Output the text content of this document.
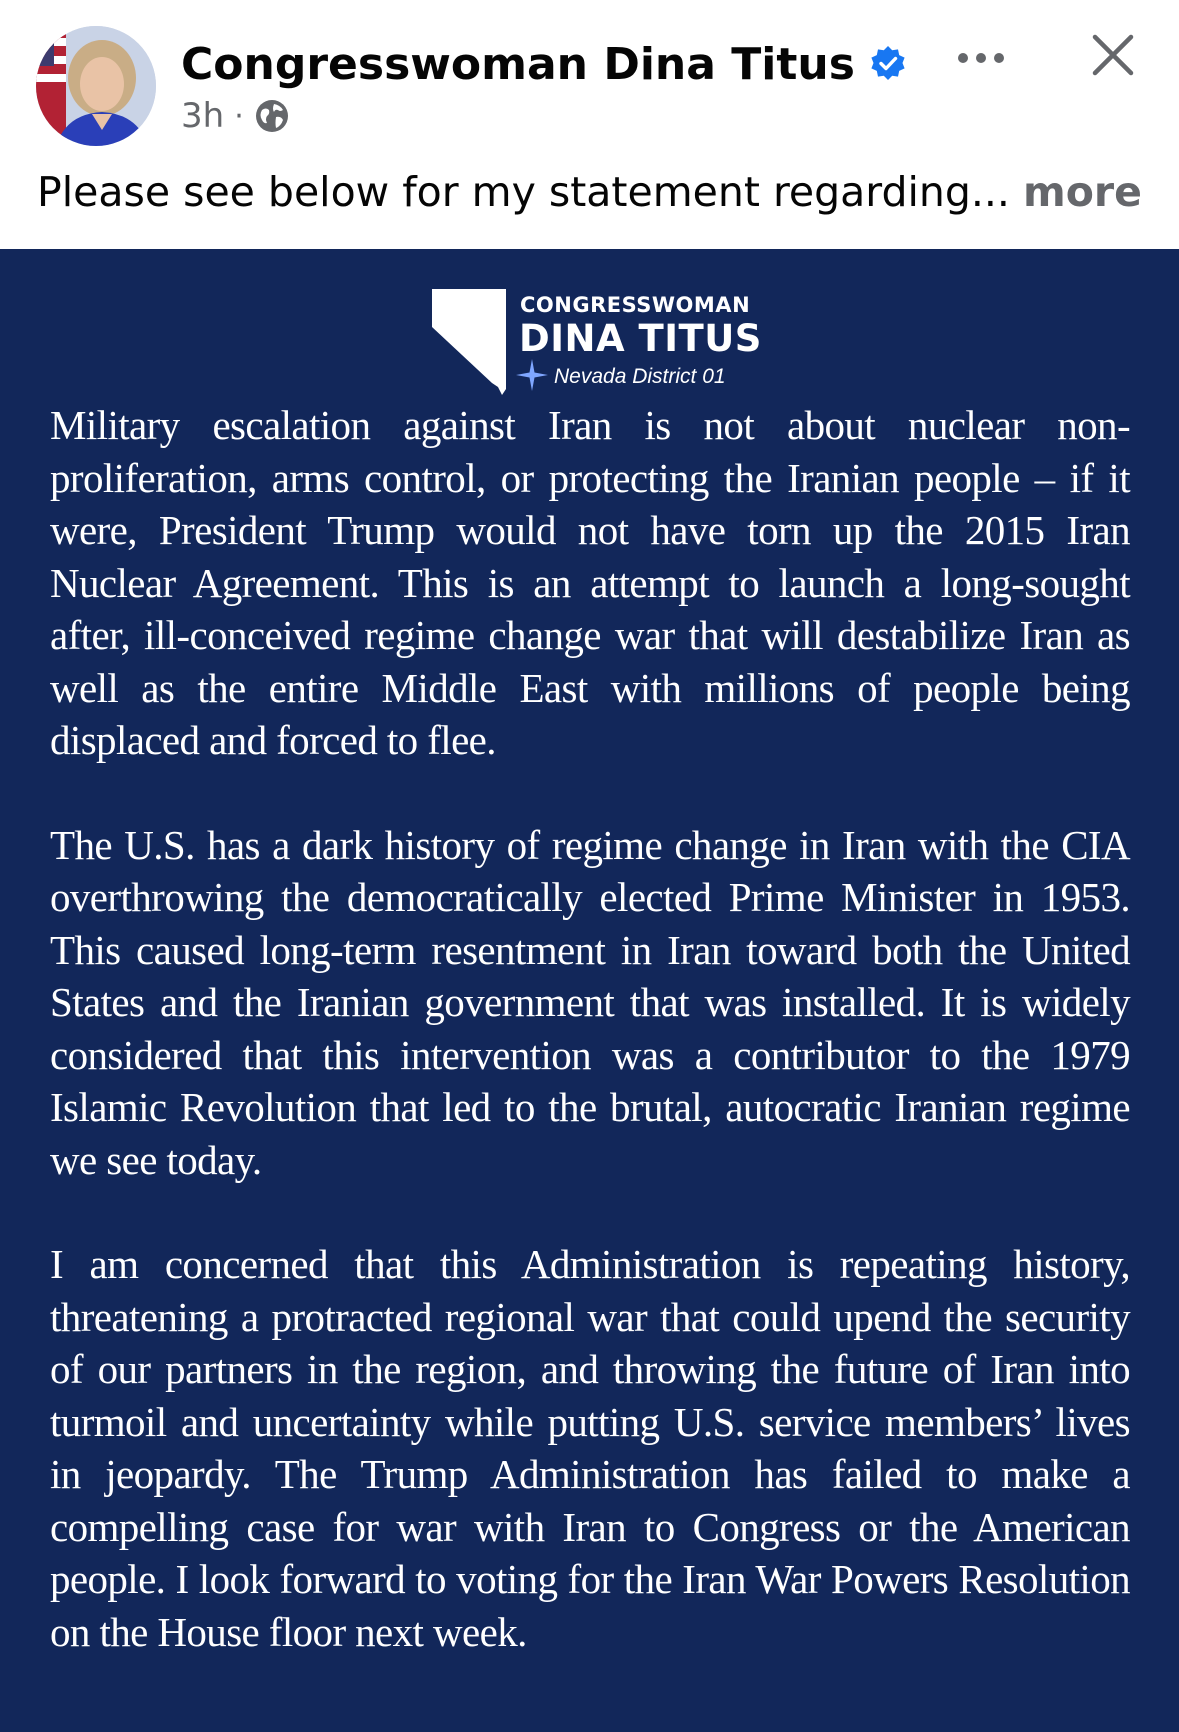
Congresswoman Dina Titus
3h ·
Please see below for my statement regarding... more
CONGRESSWOMAN
DINA TITUS
Nevada District 01

Military escalation against Iran is not about nuclear non-proliferation, arms control, or protecting the Iranian people – if it were, President Trump would not have torn up the 2015 Iran Nuclear Agreement. This is an attempt to launch a long-sought after, ill-conceived regime change war that will destabilize Iran as well as the entire Middle East with millions of people being displaced and forced to flee.

The U.S. has a dark history of regime change in Iran with the CIA overthrowing the democratically elected Prime Minister in 1953. This caused long-term resentment in Iran toward both the United States and the Iranian government that was installed. It is widely considered that this intervention was a contributor to the 1979 Islamic Revolution that led to the brutal, autocratic Iranian regime we see today.

I am concerned that this Administration is repeating history, threatening a protracted regional war that could upend the security of our partners in the region, and throwing the future of Iran into turmoil and uncertainty while putting U.S. service members’ lives in jeopardy. The Trump Administration has failed to make a compelling case for war with Iran to Congress or the American people. I look forward to voting for the Iran War Powers Resolution on the House floor next week.
